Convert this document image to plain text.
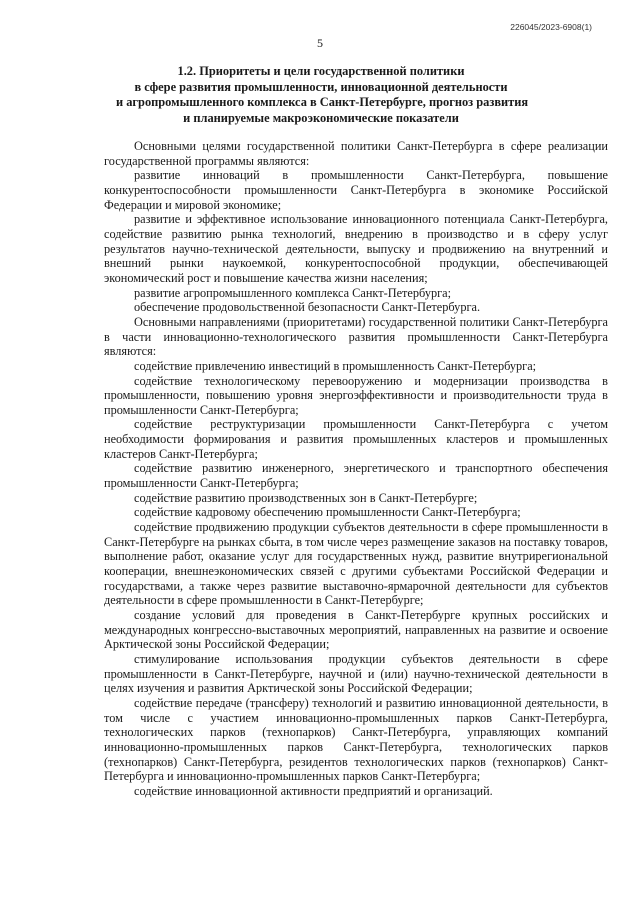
226045/2023-6908(1)
5
1.2. Приоритеты и цели государственной политики
в сфере развития промышленности, инновационной деятельности
и агропромышленного комплекса в Санкт-Петербурге, прогноз развития
и планируемые макроэкономические показатели

Основными целями государственной политики Санкт-Петербурга в сфере реализации государственной программы являются:

развитие инноваций в промышленности Санкт-Петербурга, повышение конкурентоспособности промышленности Санкт-Петербурга в экономике Российской Федерации и мировой экономике;

развитие и эффективное использование инновационного потенциала Санкт-Петербурга, содействие развитию рынка технологий, внедрению в производство и в сферу услуг результатов научно-технической деятельности, выпуску и продвижению на внутренний и внешний рынки наукоемкой, конкурентоспособной продукции, обеспечивающей экономический рост и повышение качества жизни населения;

развитие агропромышленного комплекса Санкт-Петербурга;

обеспечение продовольственной безопасности Санкт-Петербурга.

Основными направлениями (приоритетами) государственной политики Санкт-Петербурга в части инновационно-технологического развития промышленности Санкт-Петербурга являются:

содействие привлечению инвестиций в промышленность Санкт-Петербурга;

содействие технологическому перевооружению и модернизации производства в промышленности, повышению уровня энергоэффективности и производительности труда в промышленности Санкт-Петербурга;

содействие реструктуризации промышленности Санкт-Петербурга с учетом необходимости формирования и развития промышленных кластеров и промышленных кластеров Санкт-Петербурга;

содействие развитию инженерного, энергетического и транспортного обеспечения промышленности Санкт-Петербурга;

содействие развитию производственных зон в Санкт-Петербурге;

содействие кадровому обеспечению промышленности Санкт-Петербурга;

содействие продвижению продукции субъектов деятельности в сфере промышленности в Санкт-Петербурге на рынках сбыта, в том числе через размещение заказов на поставку товаров, выполнение работ, оказание услуг для государственных нужд, развитие внутрирегиональной кооперации, внешнеэкономических связей с другими субъектами Российской Федерации и государствами, а также через развитие выставочно-ярмарочной деятельности для субъектов деятельности в сфере промышленности в Санкт-Петербурге;

создание условий для проведения в Санкт-Петербурге крупных российских и международных конгрессно-выставочных мероприятий, направленных на развитие и освоение Арктической зоны Российской Федерации;

стимулирование использования продукции субъектов деятельности в сфере промышленности в Санкт-Петербурге, научной и (или) научно-технической деятельности в целях изучения и развития Арктической зоны Российской Федерации;

содействие передаче (трансферу) технологий и развитию инновационной деятельности, в том числе с участием инновационно-промышленных парков Санкт-Петербурга, технологических парков (технопарков) Санкт-Петербурга, управляющих компаний инновационно-промышленных парков Санкт-Петербурга, технологических парков (технопарков) Санкт-Петербурга, резидентов технологических парков (технопарков) Санкт-Петербурга и инновационно-промышленных парков Санкт-Петербурга;

содействие инновационной активности предприятий и организаций.
